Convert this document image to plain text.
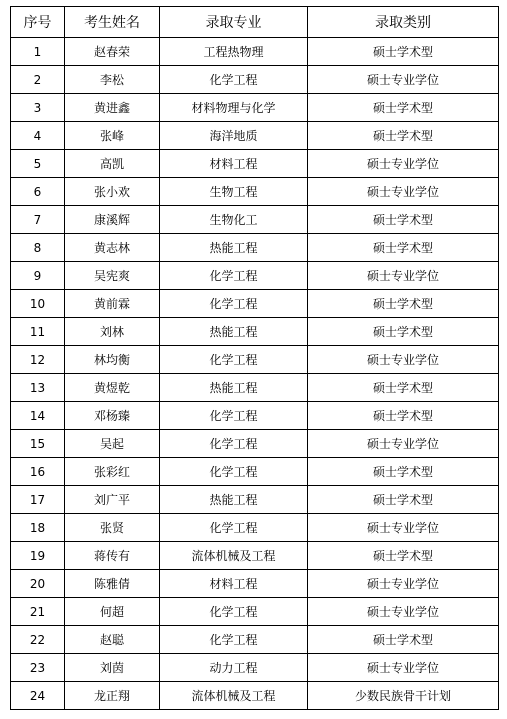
序号	考生姓名	录取专业	录取类别
1	赵春荣	工程热物理	硕士学术型
2	李松	化学工程	硕士专业学位
3	黄进鑫	材料物理与化学	硕士学术型
4	张峰	海洋地质	硕士学术型
5	高凯	材料工程	硕士专业学位
6	张小欢	生物工程	硕士专业学位
7	康溪辉	生物化工	硕士学术型
8	黄志林	热能工程	硕士学术型
9	吴宪爽	化学工程	硕士专业学位
10	黄前霖	化学工程	硕士学术型
11	刘林	热能工程	硕士学术型
12	林均衡	化学工程	硕士专业学位
13	黄煜乾	热能工程	硕士学术型
14	邓杨臻	化学工程	硕士学术型
15	吴起	化学工程	硕士专业学位
16	张彩红	化学工程	硕士学术型
17	刘广平	热能工程	硕士学术型
18	张贤	化学工程	硕士专业学位
19	蒋传有	流体机械及工程	硕士学术型
20	陈雅倩	材料工程	硕士专业学位
21	何超	化学工程	硕士专业学位
22	赵聪	化学工程	硕士学术型
23	刘茵	动力工程	硕士专业学位
24	龙正翔	流体机械及工程	少数民族骨干计划
